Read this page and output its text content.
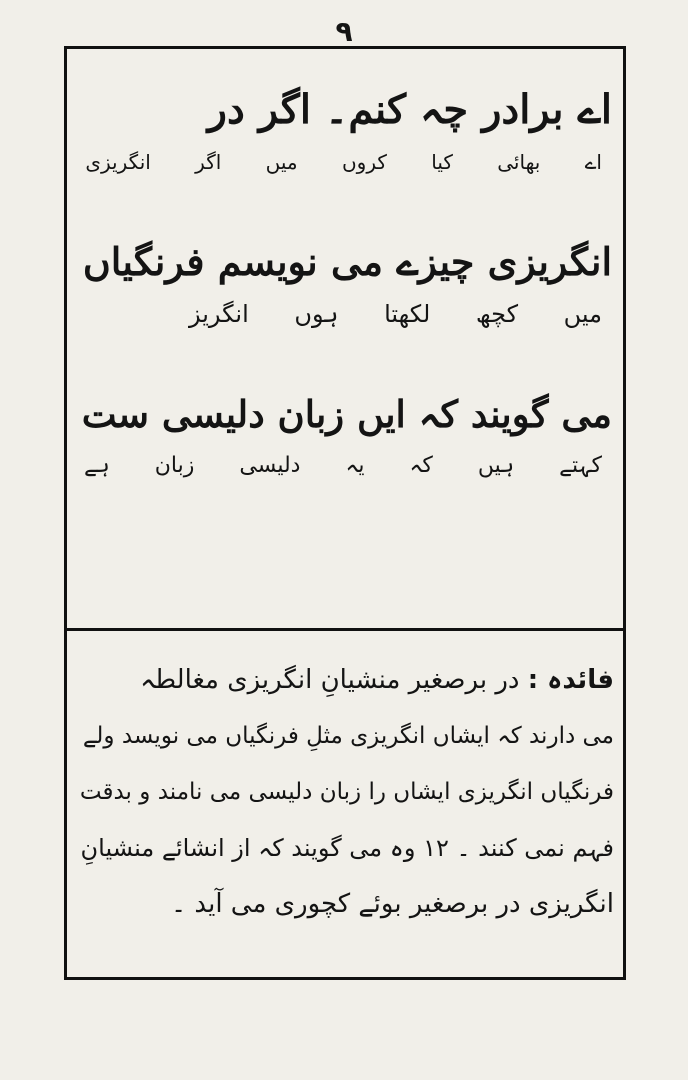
۹
اے برادر چہ کنم۔ اگر در
اے بھائی کیا کروں میں اگر انگریزی
انگریزی چیزے می نویسم فرنگیاں
میں کچھ لکھتا ہوں انگریز
می گویند کہ ایں زبان دلیسی ست
کہتے ہیں کہ یہ دلیسی زبان ہے
فائدہ : در برصغیر منشیانِ انگریزی مغالطہ
می دارند کہ ایشاں انگریزی مثلِ فرنگیاں می نویسد ولے
فرنگیاں انگریزی ایشاں را زبان دلیسی می نامند و بدقت
فہم نمی کنند ۔ ۱۲ وہ می گویند کہ از انشائے منشیانِ
انگریزی در برصغیر بوئے کچوری می آید ۔
